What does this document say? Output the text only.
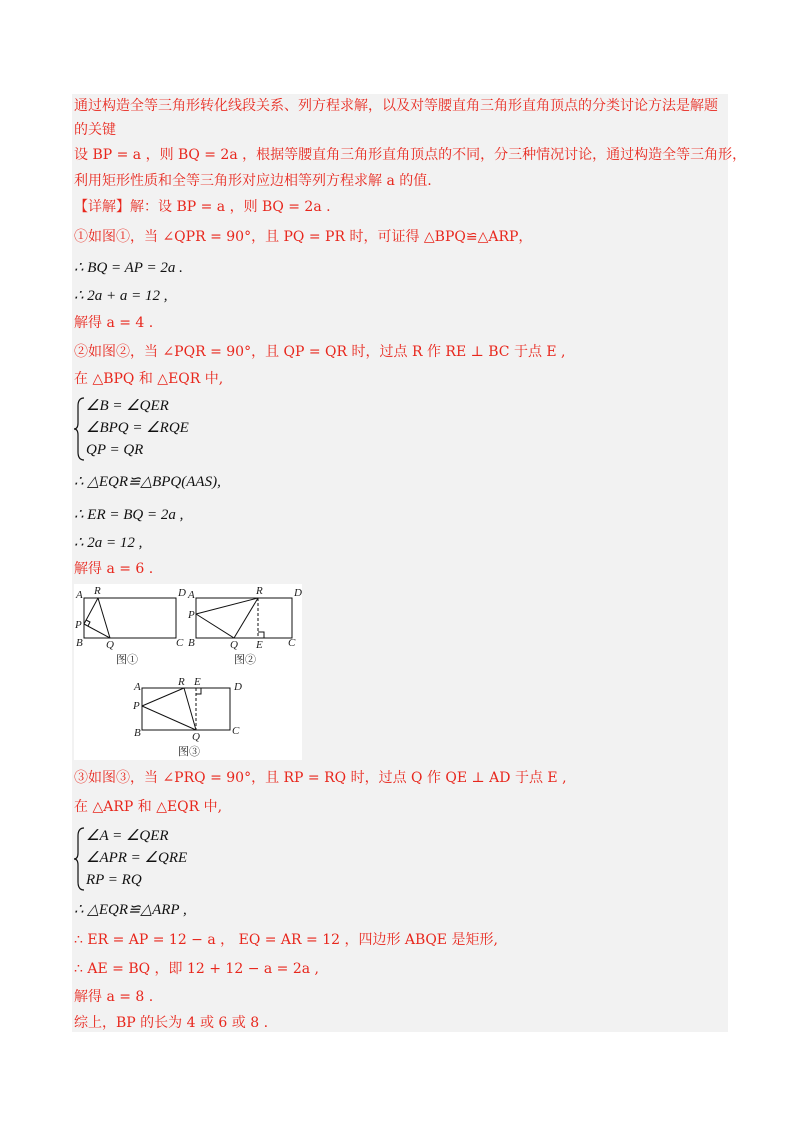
通过构造全等三角形转化线段关系、列方程求解，以及对等腰直角三角形直角顶点的分类讨论方法是解题
的关键
设 BP = a ，则 BQ = 2a ，根据等腰直角三角形直角顶点的不同，分三种情况讨论，通过构造全等三角形，
利用矩形性质和全等三角形对应边相等列方程求解 a 的值.
【详解】解：设 BP = a ，则 BQ = 2a .
①如图①，当 ∠QPR = 90°，且 PQ = PR 时，可证得 △BPQ≌△ARP，
∴ BQ = AP = 2a .
∴ 2a + a = 12 ,
解得 a = 4 .
②如图②，当 ∠PQR = 90°，且 QP = QR 时，过点 R 作 RE ⊥ BC 于点 E ,
在 △BPQ 和 △EQR 中,
∠B = ∠QER
∠BPQ = ∠RQE
QP = QR
∴ △EQR≌△BPQ(AAS),
∴ ER = BQ = 2a ,
∴ 2a = 12 ,
解得 a = 6 .
A R	D
P
B Q	C
图①
A	R	D
P
B	Q E C
图②
A	R E	D
P
B	Q	C
图③
③如图③，当 ∠PRQ = 90°，且 RP = RQ 时，过点 Q 作 QE ⊥ AD 于点 E ,
在 △ARP 和 △EQR 中,
∠A = ∠QER
∠APR = ∠QRE
RP = RQ
∴ △EQR≌△ARP ,
∴ ER = AP = 12 − a ， EQ = AR = 12 ，四边形 ABQE 是矩形,
∴ AE = BQ ，即 12 + 12 − a = 2a ,
解得 a = 8 .
综上，BP 的长为 4 或 6 或 8 .
